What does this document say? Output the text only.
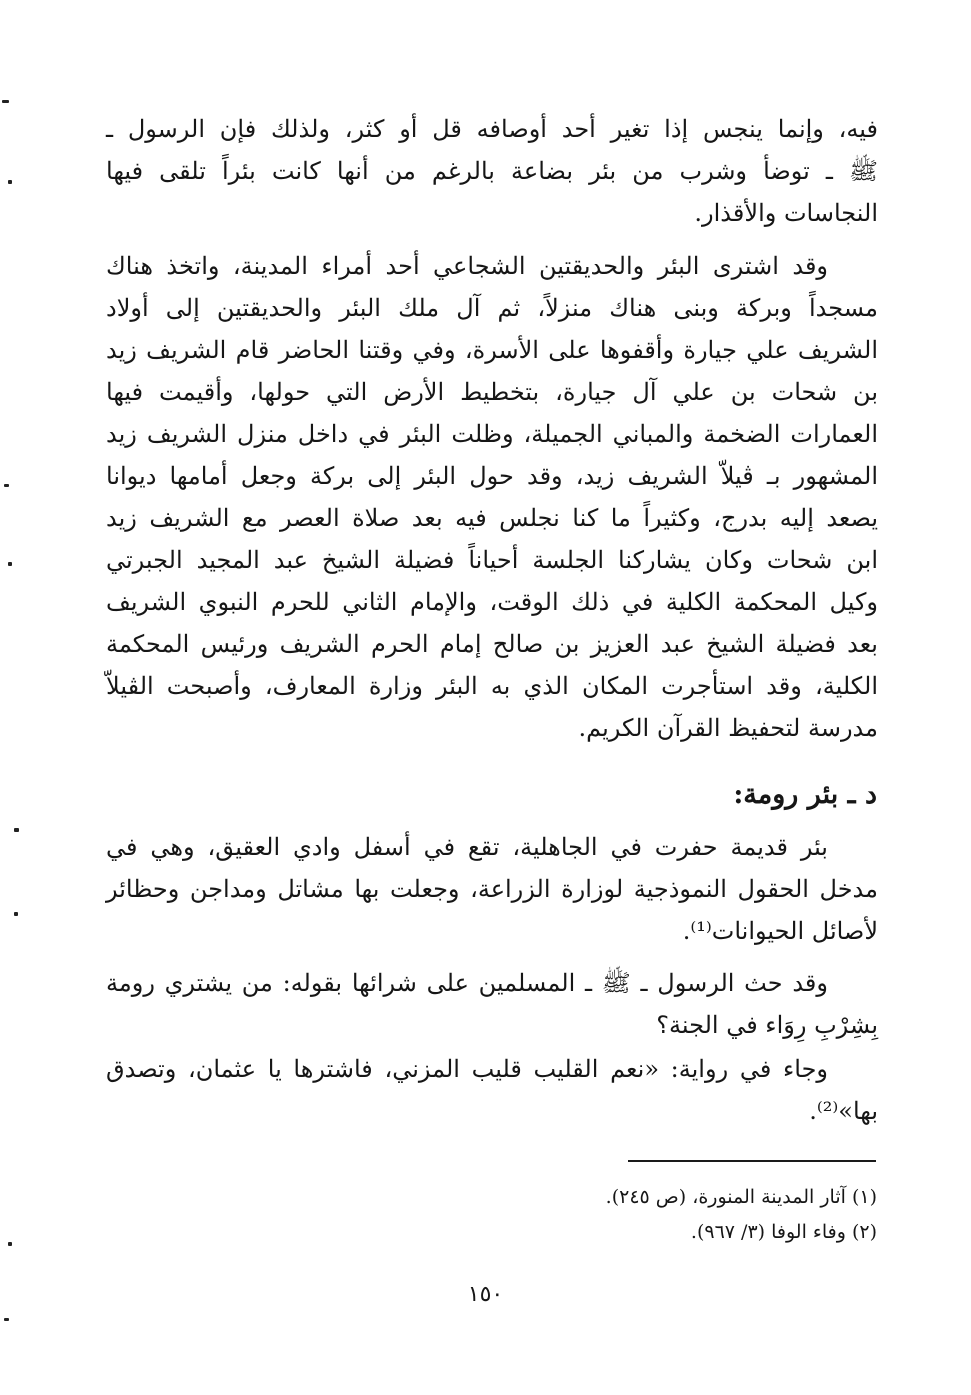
فيه، وإنما ينجس إذا تغير أحد أوصافه قل أو كثر، ولذلك فإن الرسول ـ
ﷺ ـ توضأ وشرب من بئر بضاعة بالرغم من أنها كانت بئراً تلقى فيها
النجاسات والأقذار.
وقد اشترى البئر والحديقتين الشجاعي أحد أمراء المدينة، واتخذ هناك
مسجداً وبركة وبنى هناك منزلاً، ثم آل ملك البئر والحديقتين إلى أولاد
الشريف علي جيارة وأقفوها على الأسرة، وفي وقتنا الحاضر قام الشريف زيد
بن شحات بن علي آل جيارة، بتخطيط الأرض التي حولها، وأقيمت فيها
العمارات الضخمة والمباني الجميلة، وظلت البئر في داخل منزل الشريف زيد
المشهور بـ ڤيلاّ الشريف زيد، وقد حول البئر إلى بركة وجعل أمامها ديوانا
يصعد إليه بدرج، وكثيراً ما كنا نجلس فيه بعد صلاة العصر مع الشريف زيد
ابن شحات وكان يشاركنا الجلسة أحياناً فضيلة الشيخ عبد المجيد الجبرتي
وكيل المحكمة الكلية في ذلك الوقت، والإمام الثاني للحرم النبوي الشريف
بعد فضيلة الشيخ عبد العزيز بن صالح إمام الحرم الشريف ورئيس المحكمة
الكلية، وقد استأجرت المكان الذي به البئر وزارة المعارف، وأصبحت الڤيلاّ
مدرسة لتحفيظ القرآن الكريم.
د ـ بئر رومة:
بئر قديمة حفرت في الجاهلية، تقع في أسفل وادي العقيق، وهي في
مدخل الحقول النموذجية لوزارة الزراعة، وجعلت بها مشاتل ومداجن وحظائر
لأصائل الحيوانات⁽¹⁾.
وقد حث الرسول ـ ﷺ ـ المسلمين على شرائها بقوله: من يشتري رومة
بِشِرْبِ رِوَاء في الجنة؟
وجاء في رواية: «نعم القليب قليب المزني، فاشترها يا عثمان، وتصدق
بها»⁽²⁾.
(١) آثار المدينة المنورة، (ص ٢٤٥).
(٢) وفاء الوفا (٣/ ٩٦٧).
١٥٠
